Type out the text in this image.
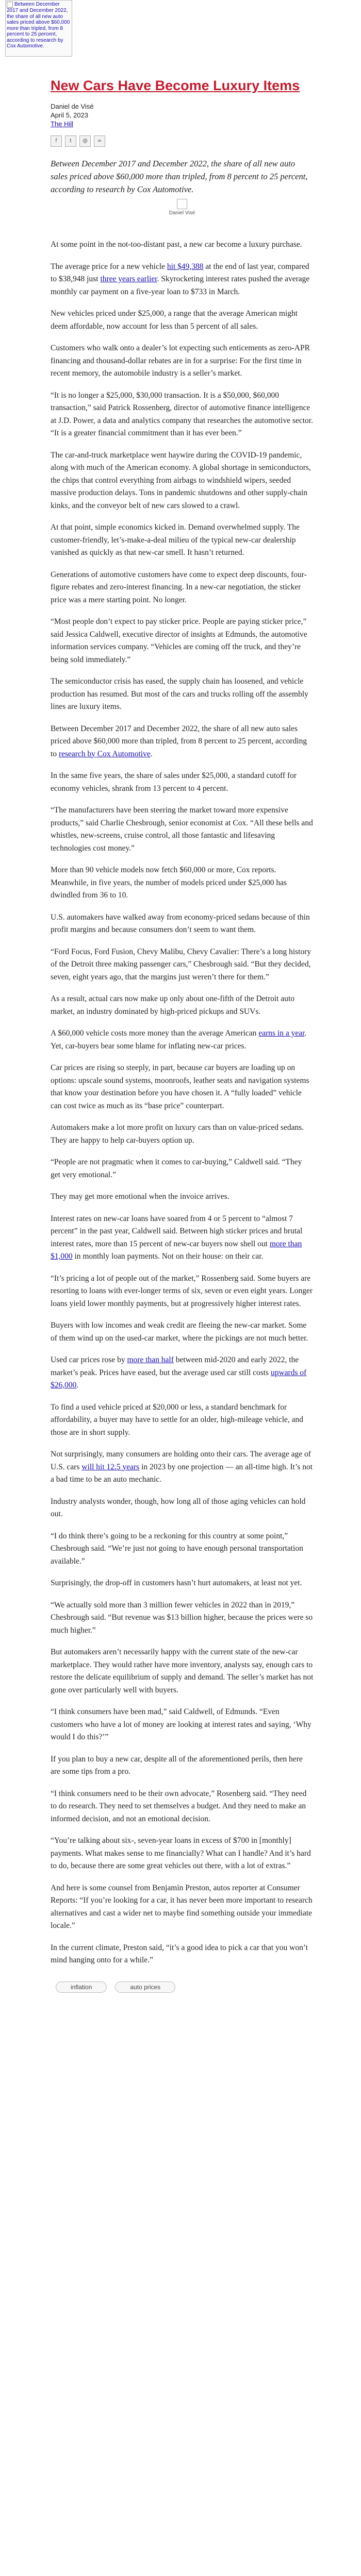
Between December 2017 and December 2022, the share of all new auto sales priced above $60,000 more than tripled, from 8 percent to 25 percent, according to research by Cox Automotive.
New Cars Have Become Luxury Items
Daniel de Visé
April 5, 2023
The Hill
f	t	@	∞
Between December 2017 and December 2022, the share of all new auto sales priced above $60,000 more than tripled, from 8 percent to 25 percent, according to research by Cox Automotive.
Daniel Visé

At some point in the not-too-distant past, a new car become a luxury purchase.

The average price for a new vehicle hit $49,388 at the end of last year, compared to $38,948 just three years earlier. Skyrocketing interest rates pushed the average monthly car payment on a five-year loan to $733 in March.

New vehicles priced under $25,000, a range that the average American might deem affordable, now account for less than 5 percent of all sales.

Customers who walk onto a dealer’s lot expecting such enticements as zero-APR financing and thousand-dollar rebates are in for a surprise: For the first time in recent memory, the automobile industry is a seller’s market.

“It is no longer a $25,000, $30,000 transaction. It is a $50,000, $60,000 transaction,” said Patrick Rossenberg, director of automotive finance intelligence at J.D. Power, a data and analytics company that researches the automotive sector. “It is a greater financial commitment than it has ever been.”

The car-and-truck marketplace went haywire during the COVID-19 pandemic, along with much of the American economy. A global shortage in semiconductors, the chips that control everything from airbags to windshield wipers, seeded massive production delays. Tons in pandemic shutdowns and other supply-chain kinks, and the conveyor belt of new cars slowed to a crawl.

At that point, simple economics kicked in. Demand overwhelmed supply. The customer-friendly, let’s-make-a-deal milieu of the typical new-car dealership vanished as quickly as that new-car smell. It hasn’t returned.

Generations of automotive customers have come to expect deep discounts, four-figure rebates and zero-interest financing. In a new-car negotiation, the sticker price was a mere starting point. No longer.

“Most people don’t expect to pay sticker price. People are paying sticker price,” said Jessica Caldwell, executive director of insights at Edmunds, the automotive information services company. “Vehicles are coming off the truck, and they’re being sold immediately.”

The semiconductor crisis has eased, the supply chain has loosened, and vehicle production has resumed. But most of the cars and trucks rolling off the assembly lines are luxury items.

Between December 2017 and December 2022, the share of all new auto sales priced above $60,000 more than tripled, from 8 percent to 25 percent, according to research by Cox Automotive.

In the same five years, the share of sales under $25,000, a standard cutoff for economy vehicles, shrank from 13 percent to 4 percent.

“The manufacturers have been steering the market toward more expensive products,” said Charlie Chesbrough, senior economist at Cox. “All these bells and whistles, new-screens, cruise control, all those fantastic and lifesaving technologies cost money.”

More than 90 vehicle models now fetch $60,000 or more, Cox reports. Meanwhile, in five years, the number of models priced under $25,000 has dwindled from 36 to 10.

U.S. automakers have walked away from economy-priced sedans because of thin profit margins and because consumers don’t seem to want them.

“Ford Focus, Ford Fusion, Chevy Malibu, Chevy Cavalier: There’s a long history of the Detroit three making passenger cars,” Chesbrough said. “But they decided, seven, eight years ago, that the margins just weren’t there for them.”

As a result, actual cars now make up only about one-fifth of the Detroit auto market, an industry dominated by high-priced pickups and SUVs.

A $60,000 vehicle costs more money than the average American earns in a year. Yet, car-buyers bear some blame for inflating new-car prices.

Car prices are rising so steeply, in part, because car buyers are loading up on options: upscale sound systems, moonroofs, leather seats and navigation systems that know your destination before you have chosen it. A “fully loaded” vehicle can cost twice as much as its “base price” counterpart.

Automakers make a lot more profit on luxury cars than on value-priced sedans. They are happy to help car-buyers option up.

“People are not pragmatic when it comes to car-buying,” Caldwell said. “They get very emotional.”

They may get more emotional when the invoice arrives.

Interest rates on new-car loans have soared from 4 or 5 percent to “almost 7 percent” in the past year, Caldwell said. Between high sticker prices and brutal interest rates, more than 15 percent of new-car buyers now shell out more than $1,000 in monthly loan payments. Not on their house: on their car.

“It’s pricing a lot of people out of the market,” Rossenberg said. Some buyers are resorting to loans with ever-longer terms of six, seven or even eight years. Longer loans yield lower monthly payments, but at progressively higher interest rates.

Buyers with low incomes and weak credit are fleeing the new-car market. Some of them wind up on the used-car market, where the pickings are not much better.

Used car prices rose by more than half between mid-2020 and early 2022, the market’s peak. Prices have eased, but the average used car still costs upwards of $26,000.

To find a used vehicle priced at $20,000 or less, a standard benchmark for affordability, a buyer may have to settle for an older, high-mileage vehicle, and those are in short supply.

Not surprisingly, many consumers are holding onto their cars. The average age of U.S. cars will hit 12.5 years in 2023 by one projection — an all-time high. It’s not a bad time to be an auto mechanic.

Industry analysts wonder, though, how long all of those aging vehicles can hold out.

“I do think there’s going to be a reckoning for this country at some point,” Chesbrough said. “We’re just not going to have enough personal transportation available.”

Surprisingly, the drop-off in customers hasn’t hurt automakers, at least not yet.

“We actually sold more than 3 million fewer vehicles in 2022 than in 2019,” Chesbrough said. “But revenue was $13 billion higher, because the prices were so much higher.”

But automakers aren’t necessarily happy with the current state of the new-car marketplace. They would rather have more inventory, analysts say, enough cars to restore the delicate equilibrium of supply and demand. The seller’s market has not gone over particularly well with buyers.

“I think consumers have been mad,” said Caldwell, of Edmunds. “Even customers who have a lot of money are looking at interest rates and saying, ‘Why would I do this?’”

If you plan to buy a new car, despite all of the aforementioned perils, then here are some tips from a pro.

“I think consumers need to be their own advocate,” Rosenberg said. “They need to do research. They need to set themselves a budget. And they need to make an informed decision, and not an emotional decision.

“You’re talking about six-, seven-year loans in excess of $700 in [monthly] payments. What makes sense to me financially? What can I handle? And it’s hard to do, because there are some great vehicles out there, with a lot of extras.”

And here is some counsel from Benjamin Preston, autos reporter at Consumer Reports: “If you’re looking for a car, it has never been more important to research alternatives and cast a wider net to maybe find something outside your immediate locale.”

In the current climate, Preston said, “it’s a good idea to pick a car that you won’t mind hanging onto for a while.”

inflation	auto prices
